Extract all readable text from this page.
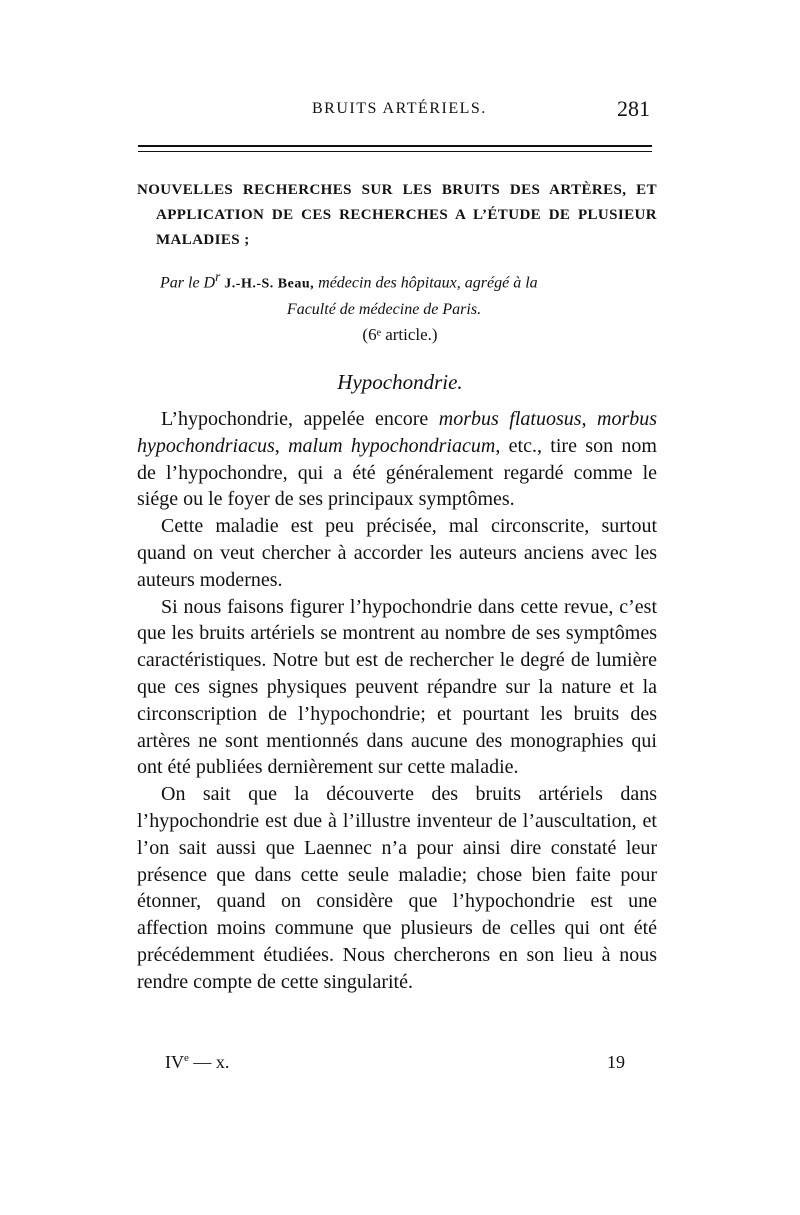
BRUITS ARTÉRIELS.	281
NOUVELLES RECHERCHES SUR LES BRUITS DES ARTÈRES, ET
APPLICATION DE CES RECHERCHES A L’ÉTUDE DE PLUSIEUR
MALADIES ;
Par le $D^r$ J.-H.-S. Beau, médecin des hôpitaux, agrégé à la
Faculté de médecine de Paris.
(6ᵉ article.)
Hypochondrie.

L’hypochondrie, appelée encore morbus flatuosus, morbus hypochondriacus, malum hypochondriacum, etc., tire son nom de l’hypochondre, qui a été généralement regardé comme le siége ou le foyer de ses principaux symptômes.

Cette maladie est peu précisée, mal circonscrite, surtout quand on veut chercher à accorder les auteurs anciens avec les auteurs modernes.

Si nous faisons figurer l’hypochondrie dans cette revue, c’est que les bruits artériels se montrent au nombre de ses symptômes caractéristiques. Notre but est de rechercher le degré de lumière que ces signes physiques peuvent répandre sur la nature et la circonscription de l’hypochondrie; et pourtant les bruits des artères ne sont mentionnés dans aucune des monographies qui ont été publiées dernièrement sur cette maladie.

On sait que la découverte des bruits artériels dans l’hypochondrie est due à l’illustre inventeur de l’auscultation, et l’on sait aussi que Laennec n’a pour ainsi dire constaté leur présence que dans cette seule maladie; chose bien faite pour étonner, quand on considère que l’hypochondrie est une affection moins commune que plusieurs de celles qui ont été précédemment étudiées. Nous chercherons en son lieu à nous rendre compte de cette singularité.

IVe — x.	19
